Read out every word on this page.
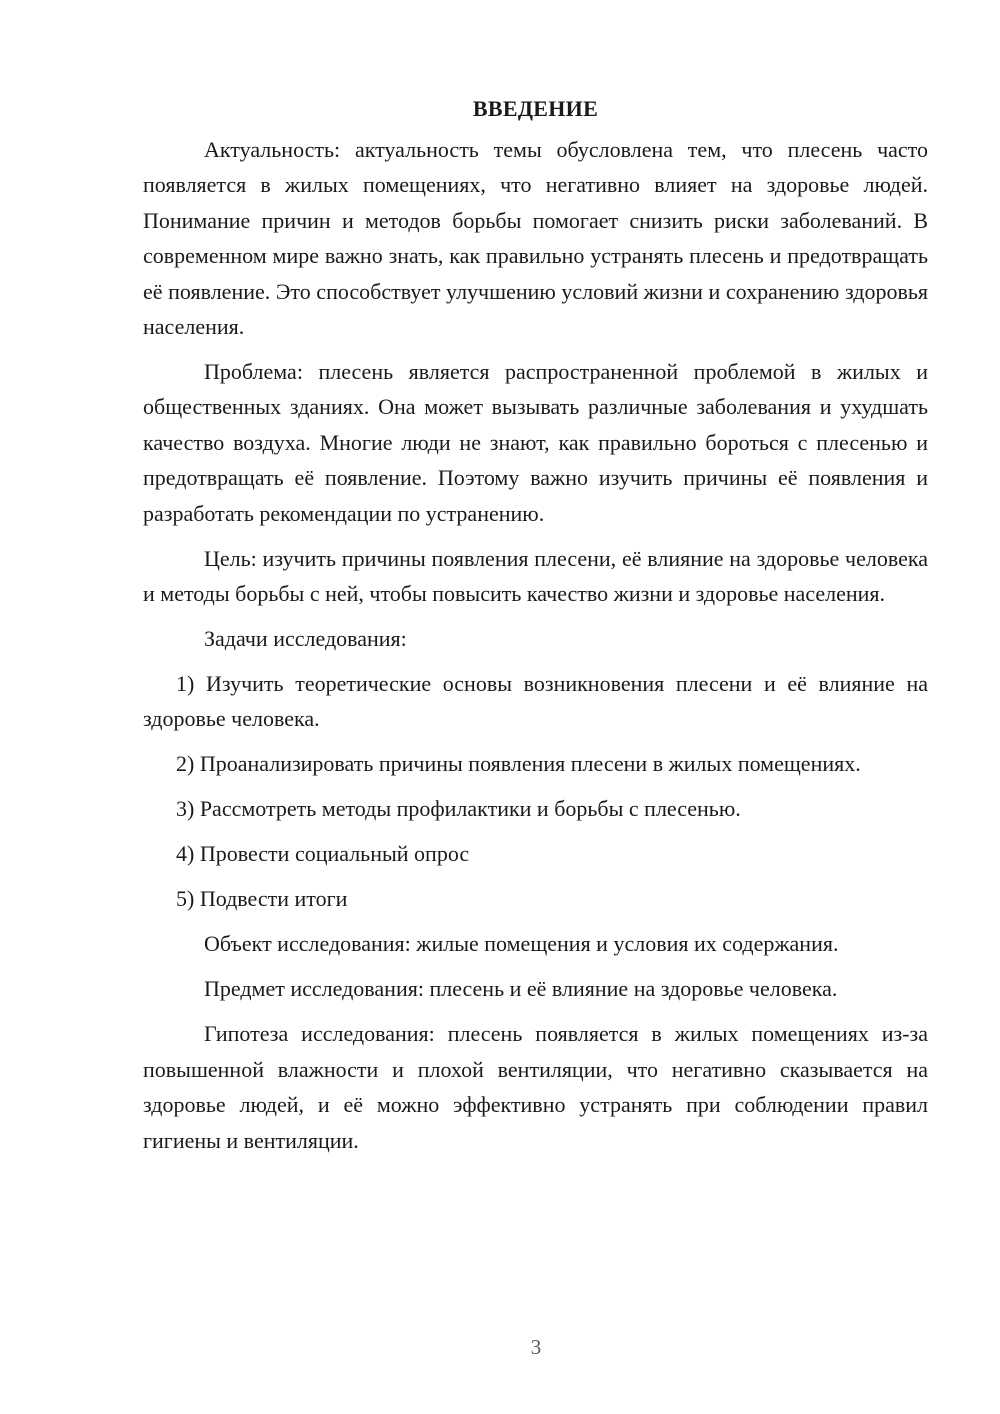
ВВЕДЕНИЕ

Актуальность: актуальность темы обусловлена тем, что плесень часто появляется в жилых помещениях, что негативно влияет на здоровье людей. Понимание причин и методов борьбы помогает снизить риски заболеваний. В современном мире важно знать, как правильно устранять плесень и предотвращать её появление. Это способствует улучшению условий жизни и сохранению здоровья населения.

Проблема: плесень является распространенной проблемой в жилых и общественных зданиях. Она может вызывать различные заболевания и ухудшать качество воздуха. Многие люди не знают, как правильно бороться с плесенью и предотвращать её появление. Поэтому важно изучить причины её появления и разработать рекомендации по устранению.

Цель: изучить причины появления плесени, её влияние на здоровье человека и методы борьбы с ней, чтобы повысить качество жизни и здоровье населения.

Задачи исследования:

1) Изучить теоретические основы возникновения плесени и её влияние на здоровье человека.

2) Проанализировать причины появления плесени в жилых помещениях.

3) Рассмотреть методы профилактики и борьбы с плесенью.

4) Провести социальный опрос

5) Подвести итоги

Объект исследования: жилые помещения и условия их содержания.

Предмет исследования: плесень и её влияние на здоровье человека.

Гипотеза исследования: плесень появляется в жилых помещениях из-за повышенной влажности и плохой вентиляции, что негативно сказывается на здоровье людей, и её можно эффективно устранять при соблюдении правил гигиены и вентиляции.

3
